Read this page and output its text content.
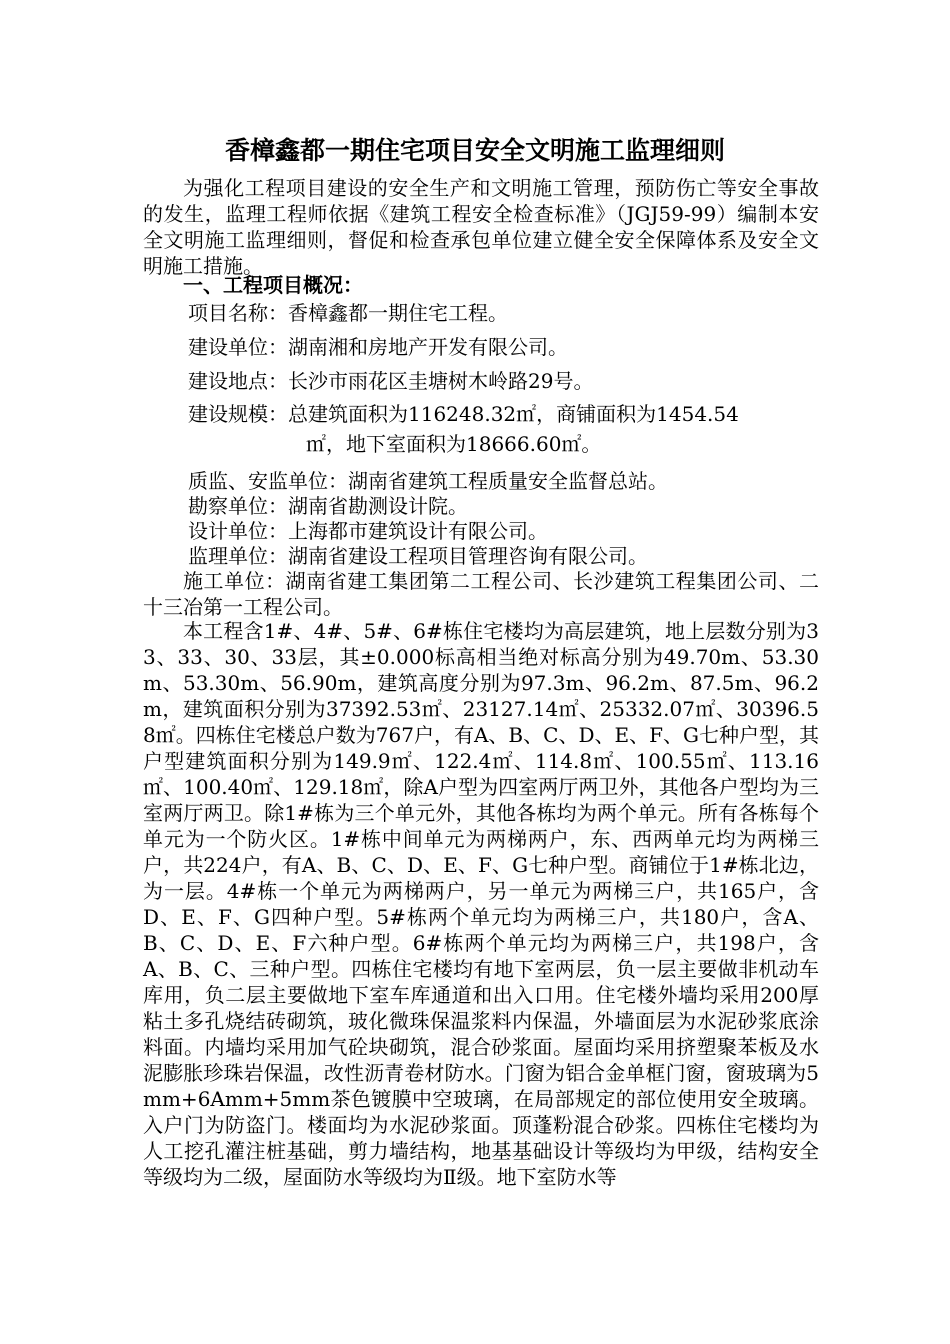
香樟鑫都一期住宅项目安全文明施工监理细则
为强化工程项目建设的安全生产和文明施工管理，预防伤亡等安全事故的发生，监理工程师依据《建筑工程安全检查标准》（JGJ59-99）编制本安全文明施工监理细则，督促和检查承包单位建立健全安全保障体系及安全文明施工措施。
一、工程项目概况：
项目名称：香樟鑫都一期住宅工程。
建设单位：湖南湘和房地产开发有限公司。
建设地点：长沙市雨花区圭塘树木岭路29号。
建设规模：总建筑面积为116248.32㎡，商铺面积为1454.54
㎡，地下室面积为18666.60㎡。
质监、安监单位：湖南省建筑工程质量安全监督总站。
勘察单位：湖南省勘测设计院。
设计单位：上海都市建筑设计有限公司。
监理单位：湖南省建设工程项目管理咨询有限公司。
施工单位：湖南省建工集团第二工程公司、长沙建筑工程集团公司、二十三冶第一工程公司。
本工程含1#、4#、5#、6#栋住宅楼均为高层建筑，地上层数分别为33、33、30、33层，其±0.000标高相当绝对标高分别为49.70m、53.30m、53.30m、56.90m，建筑高度分别为97.3m、96.2m、87.5m、96.2m，建筑面积分别为37392.53㎡、23127.14㎡、25332.07㎡、30396.58㎡。四栋住宅楼总户数为767户，有A、B、C、D、E、F、G七种户型，其户型建筑面积分别为149.9㎡、122.4㎡、114.8㎡、100.55㎡、113.16㎡、100.40㎡、129.18㎡，除A户型为四室两厅两卫外，其他各户型均为三室两厅两卫。除1#栋为三个单元外，其他各栋均为两个单元。所有各栋每个单元为一个防火区。1#栋中间单元为两梯两户，东、西两单元均为两梯三户，共224户，有A、B、C、D、E、F、G七种户型。商铺位于1#栋北边，为一层。4#栋一个单元为两梯两户，另一单元为两梯三户，共165户，含D、E、F、G四种户型。5#栋两个单元均为两梯三户，共180户，含A、B、C、D、E、F六种户型。6#栋两个单元均为两梯三户，共198户，含A、B、C、三种户型。四栋住宅楼均有地下室两层，负一层主要做非机动车库用，负二层主要做地下室车库通道和出入口用。住宅楼外墙均采用200厚粘土多孔烧结砖砌筑，玻化微珠保温浆料内保温，外墙面层为水泥砂浆底涂料面。内墙均采用加气砼块砌筑，混合砂浆面。屋面均采用挤塑聚苯板及水泥膨胀珍珠岩保温，改性沥青卷材防水。门窗为铝合金单框门窗，窗玻璃为5mm+6Amm+5mm茶色镀膜中空玻璃，在局部规定的部位使用安全玻璃。入户门为防盗门。楼面均为水泥砂浆面。顶蓬粉混合砂浆。四栋住宅楼均为人工挖孔灌注桩基础，剪力墙结构，地基基础设计等级均为甲级，结构安全等级均为二级，屋面防水等级均为Ⅱ级。地下室防水等
